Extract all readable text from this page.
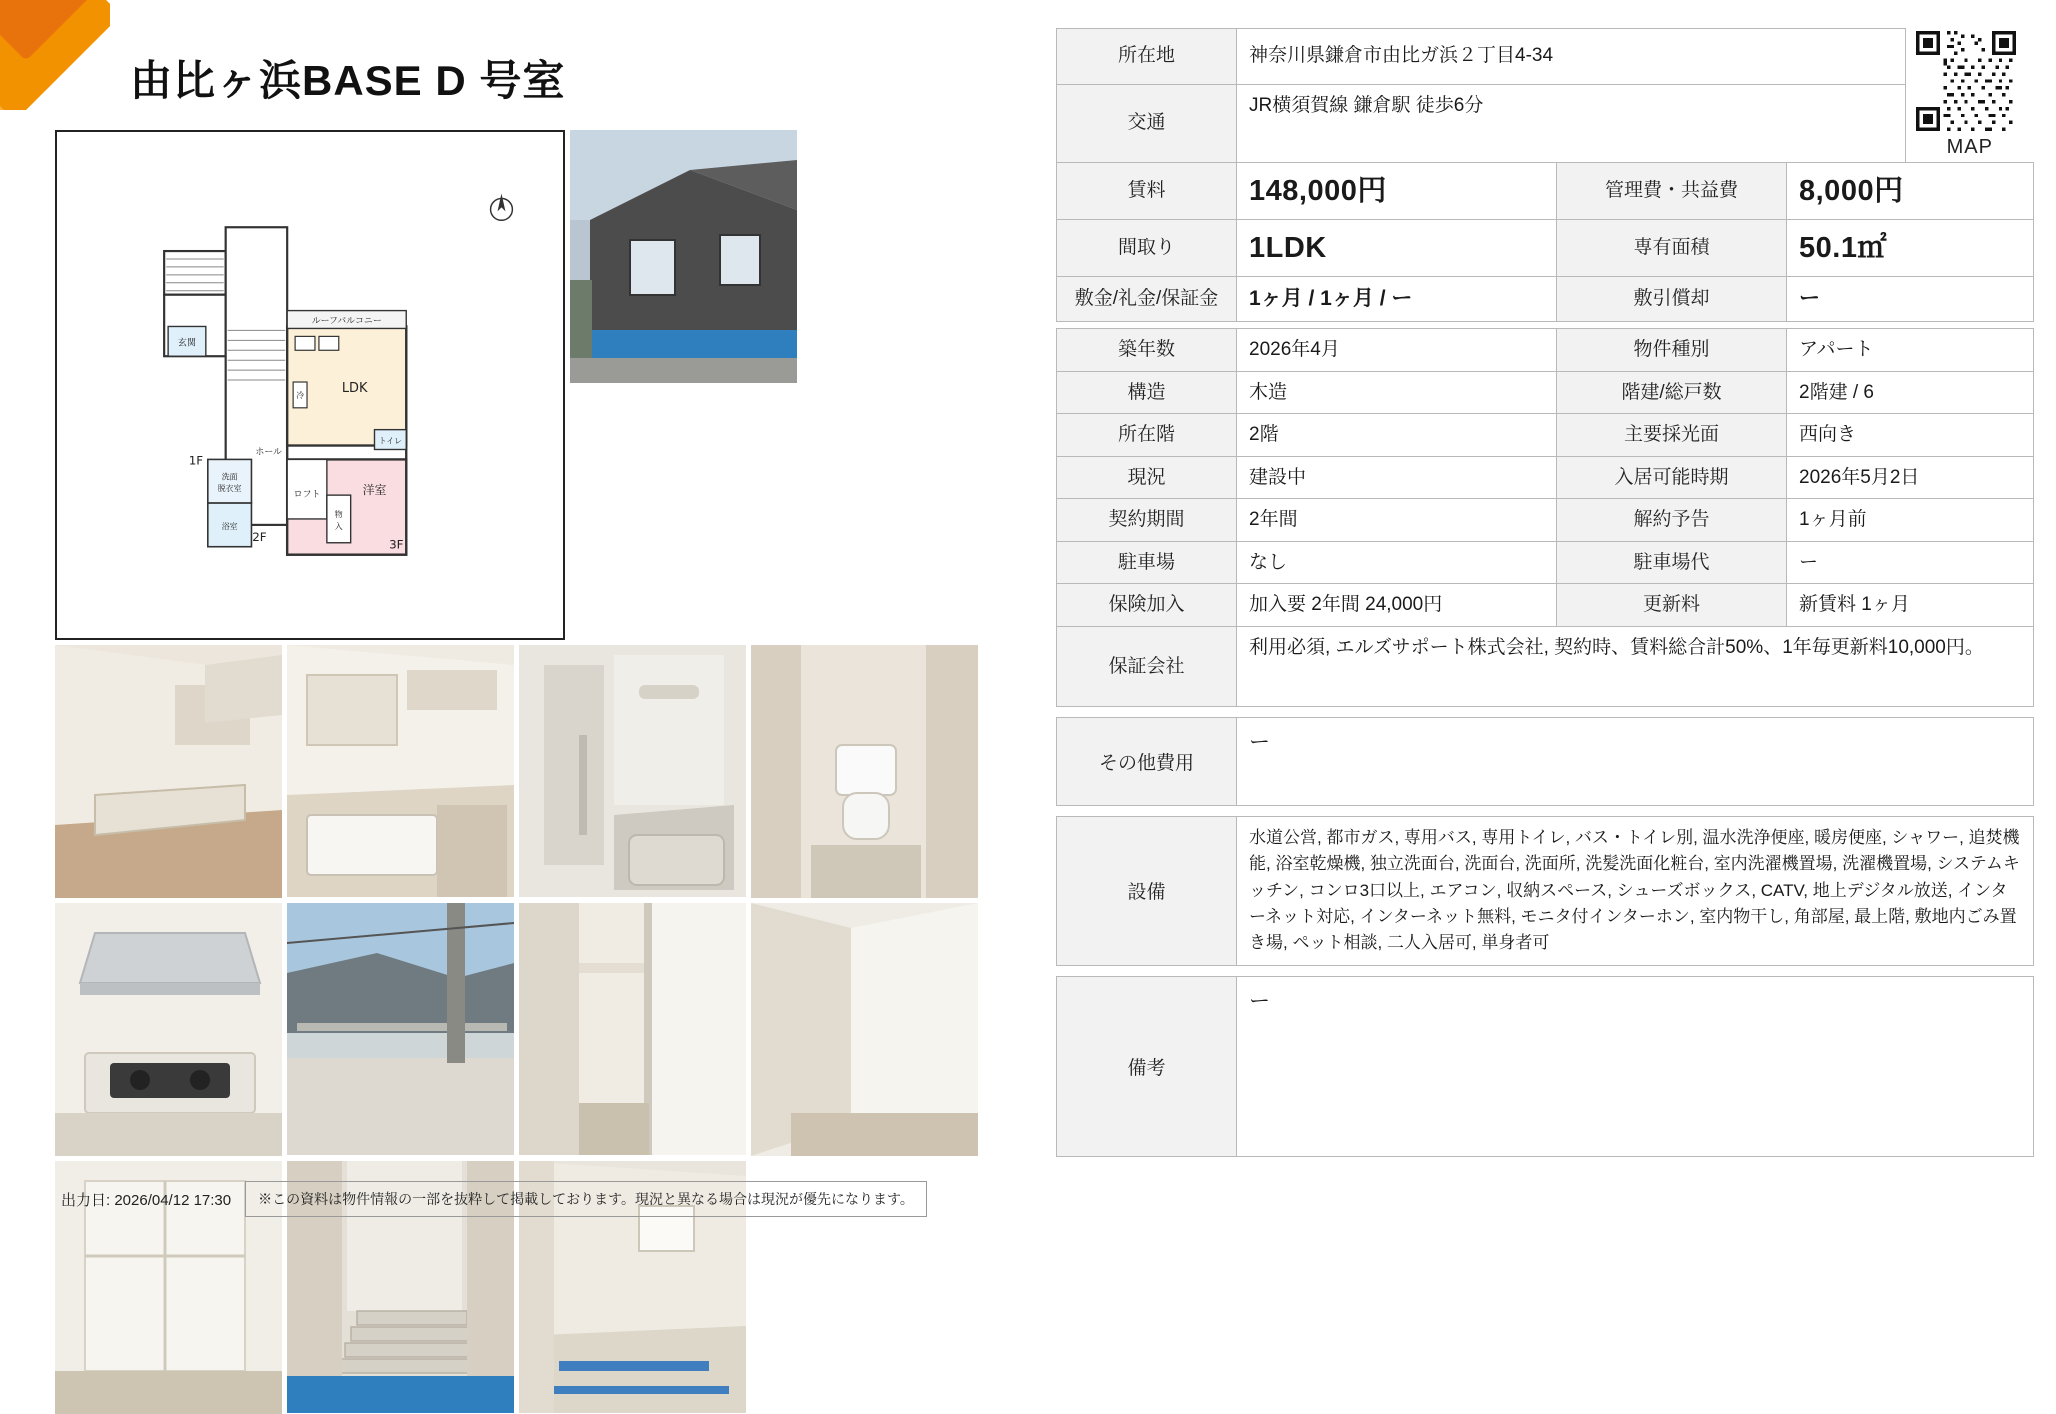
由比ヶ浜BASE D 号室
玄関
2F
1F
洗面
脱衣室
浴室
ルーフバルコニー
LDK
トイレ
ホール
ロフト
物
入
洋室
3F
冷
出力日: 2026/04/12 17:30	※この資料は物件情報の一部を抜粋して掲載しております。現況と異なる場合は現況が優先になります。
所在地	神奈川県鎌倉市由比ガ浜２丁目4-34			MAP

交通	JR横須賀線 鎌倉駅 徒歩6分			
賃料	148,000円	管理費・共益費	8,000円	
間取り	1LDK	専有面積	50.1㎡	
敷金/礼金/保証金	1ヶ月 / 1ヶ月 / ー	敷引償却	ー	
築年数	2026年4月	物件種別	アパート
構造	木造	階建/総戸数	2階建 / 6
所在階	2階	主要採光面	西向き
現況	建設中	入居可能時期	2026年5月2日
契約期間	2年間	解約予告	1ヶ月前
駐車場	なし	駐車場代	ー
保険加入	加入要 2年間 24,000円	更新料	新賃料 1ヶ月
保証会社	利用必須, エルズサポート株式会社, 契約時、賃料総合計50%、1年毎更新料10,000円。		
その他費用	ー
設備	水道公営, 都市ガス, 専用バス, 専用トイレ, バス・トイレ別, 温水洗浄便座, 暖房便座, シャワー, 追焚機能, 浴室乾燥機, 独立洗面台, 洗面台, 洗面所, 洗髪洗面化粧台, 室内洗濯機置場, 洗濯機置場, システムキッチン, コンロ3口以上, エアコン, 収納スペース, シューズボックス, CATV, 地上デジタル放送, インターネット対応, インターネット無料, モニタ付インターホン, 室内物干し, 角部屋, 最上階, 敷地内ごみ置き場, ペット相談, 二人入居可, 単身者可
備考	ー
